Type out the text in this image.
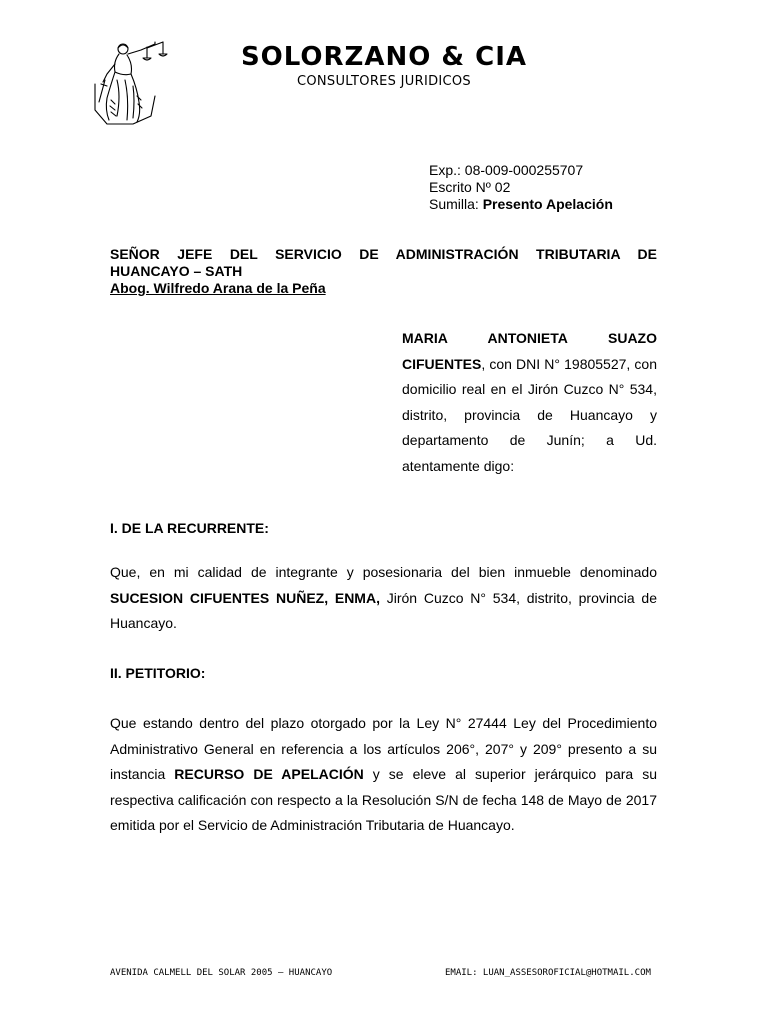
SOLORZANO & CIA
CONSULTORES JURIDICOS
Exp.: 08-009-000255707
Escrito Nº 02
Sumilla: Presento Apelación
SEÑOR JEFE DEL SERVICIO DE ADMINISTRACIÓN TRIBUTARIA DE
HUANCAYO – SATH
Abog. Wilfredo Arana de la Peña
MARIA ANTONIETA SUAZO
CIFUENTES, con DNI N° 19805527, con domicilio real en el Jirón Cuzco N° 534, distrito, provincia de Huancayo y departamento de Junín; a Ud. atentamente digo:
I. DE LA RECURRENTE:
Que, en mi calidad de integrante y posesionaria del bien inmueble denominado SUCESION CIFUENTES NUÑEZ, ENMA, Jirón Cuzco N° 534, distrito, provincia de Huancayo.
II. PETITORIO:
Que estando dentro del plazo otorgado por la Ley N° 27444 Ley del Procedimiento Administrativo General en referencia a los artículos 206°, 207° y 209° presento a su instancia RECURSO DE APELACIÓN y se eleve al superior jerárquico para su respectiva calificación con respecto a la Resolución S/N de fecha 148 de Mayo de 2017 emitida por el Servicio de Administración Tributaria de Huancayo.
AVENIDA CALMELL DEL SOLAR 2005 – HUANCAYO	EMAIL: LUAN_ASSESOROFICIAL@HOTMAIL.COM
